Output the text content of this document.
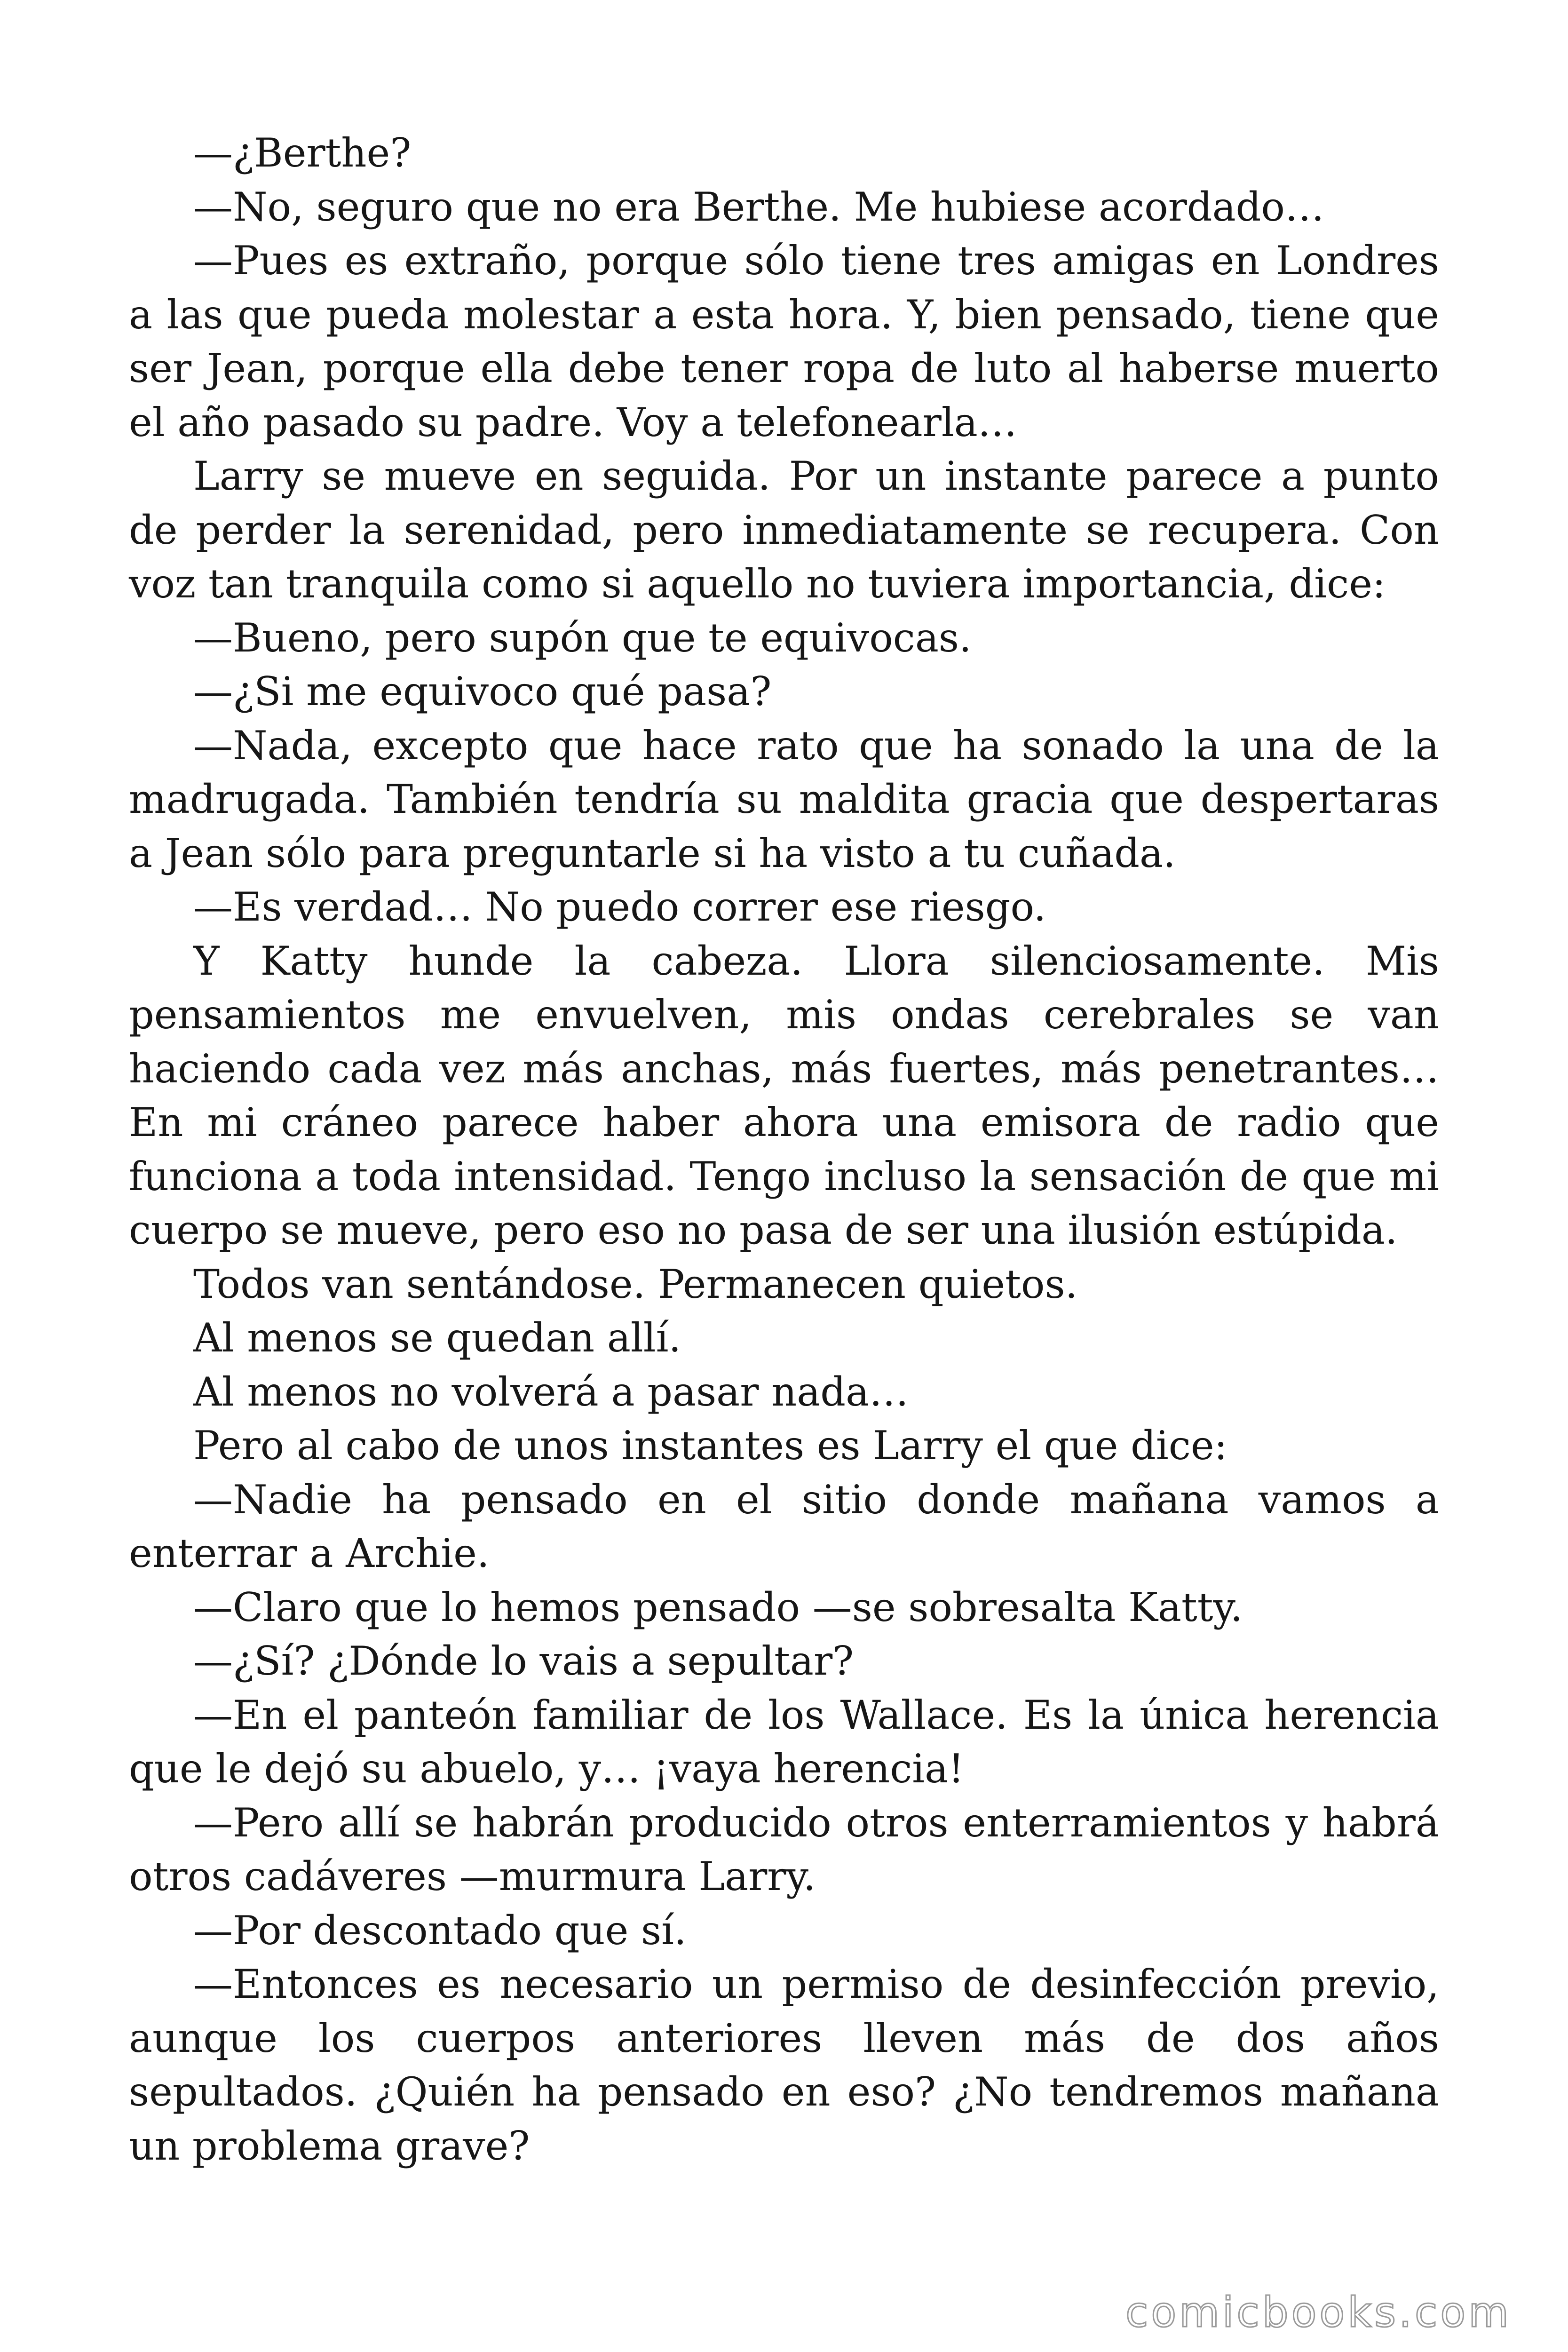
—¿Berthe?

—No, seguro que no era Berthe. Me hubiese acordado…

—Pues es extraño, porque sólo tiene tres amigas en Londres a las que pueda molestar a esta hora. Y, bien pensado, tiene que ser Jean, porque ella debe tener ropa de luto al haberse muerto el año pasado su padre. Voy a telefonearla…

Larry se mueve en seguida. Por un instante parece a punto de perder la serenidad, pero inmediatamente se recupera. Con voz tan tranquila como si aquello no tuviera importancia, dice:

—Bueno, pero supón que te equivocas.

—¿Si me equivoco qué pasa?

—Nada, excepto que hace rato que ha sonado la una de la madrugada. También tendría su maldita gracia que despertaras a Jean sólo para preguntarle si ha visto a tu cuñada.

—Es verdad… No puedo correr ese riesgo.

Y Katty hunde la cabeza. Llora silenciosamente. Mis pensamientos me envuelven, mis ondas cerebrales se van haciendo cada vez más anchas, más fuertes, más penetrantes… En mi cráneo parece haber ahora una emisora de radio que funciona a toda intensidad. Tengo incluso la sensación de que mi cuerpo se mueve, pero eso no pasa de ser una ilusión estúpida.

Todos van sentándose. Permanecen quietos.

Al menos se quedan allí.

Al menos no volverá a pasar nada…

Pero al cabo de unos instantes es Larry el que dice:

—Nadie ha pensado en el sitio donde mañana vamos a enterrar a Archie.

—Claro que lo hemos pensado —se sobresalta Katty.

—¿Sí? ¿Dónde lo vais a sepultar?

—En el panteón familiar de los Wallace. Es la única herencia que le dejó su abuelo, y… ¡vaya herencia!

—Pero allí se habrán producido otros enterramientos y habrá otros cadáveres —murmura Larry.

—Por descontado que sí.

—Entonces es necesario un permiso de desinfección previo, aunque los cuerpos anteriores lleven más de dos años sepultados. ¿Quién ha pensado en eso? ¿No tendremos mañana un problema grave?

comicbooks.com
